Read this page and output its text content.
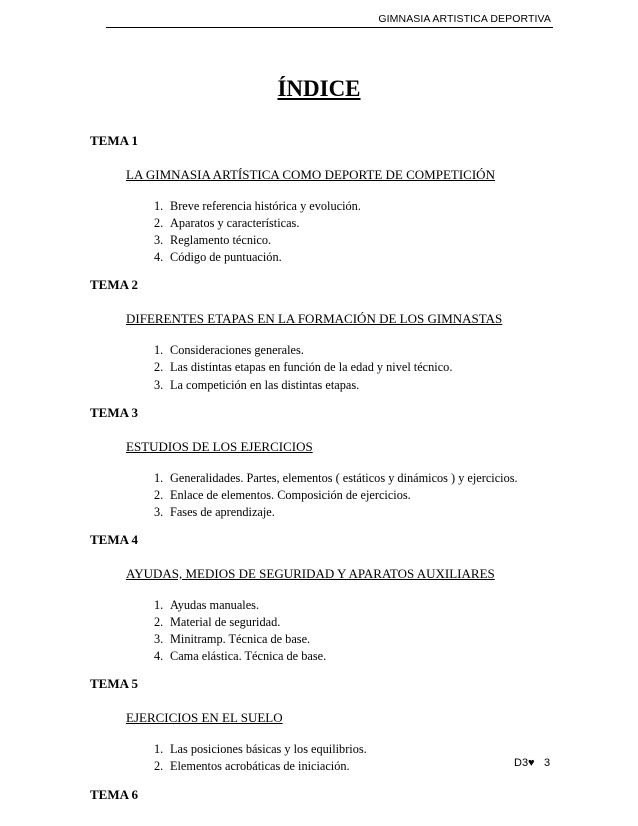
GIMNASIA ARTISTICA DEPORTIVA
ÍNDICE
TEMA 1
LA GIMNASIA ARTÍSTICA COMO DEPORTE DE COMPETICIÓN
1. Breve referencia histórica y evolución.
2. Aparatos y características.
3. Reglamento técnico.
4. Código de puntuación.
TEMA 2
DIFERENTES ETAPAS EN LA FORMACIÓN DE LOS GIMNASTAS
1. Consideraciones generales.
2. Las distintas etapas en función de la edad y nivel técnico.
3. La competición en las distintas etapas.
TEMA 3
ESTUDIOS DE LOS EJERCICIOS
1. Generalidades. Partes, elementos ( estáticos y dinámicos ) y ejercicios.
2. Enlace de elementos. Composición de ejercicios.
3. Fases de aprendizaje.
TEMA 4
AYUDAS, MEDIOS DE SEGURIDAD Y APARATOS AUXILIARES
1. Ayudas manuales.
2. Material de seguridad.
3. Minitramp. Técnica de base.
4. Cama elástica. Técnica de base.
TEMA 5
EJERCICIOS EN EL SUELO
1. Las posiciones básicas y los equilibrios.
2. Elementos acrobáticas de iniciación.
TEMA 6
D3♥ 3
